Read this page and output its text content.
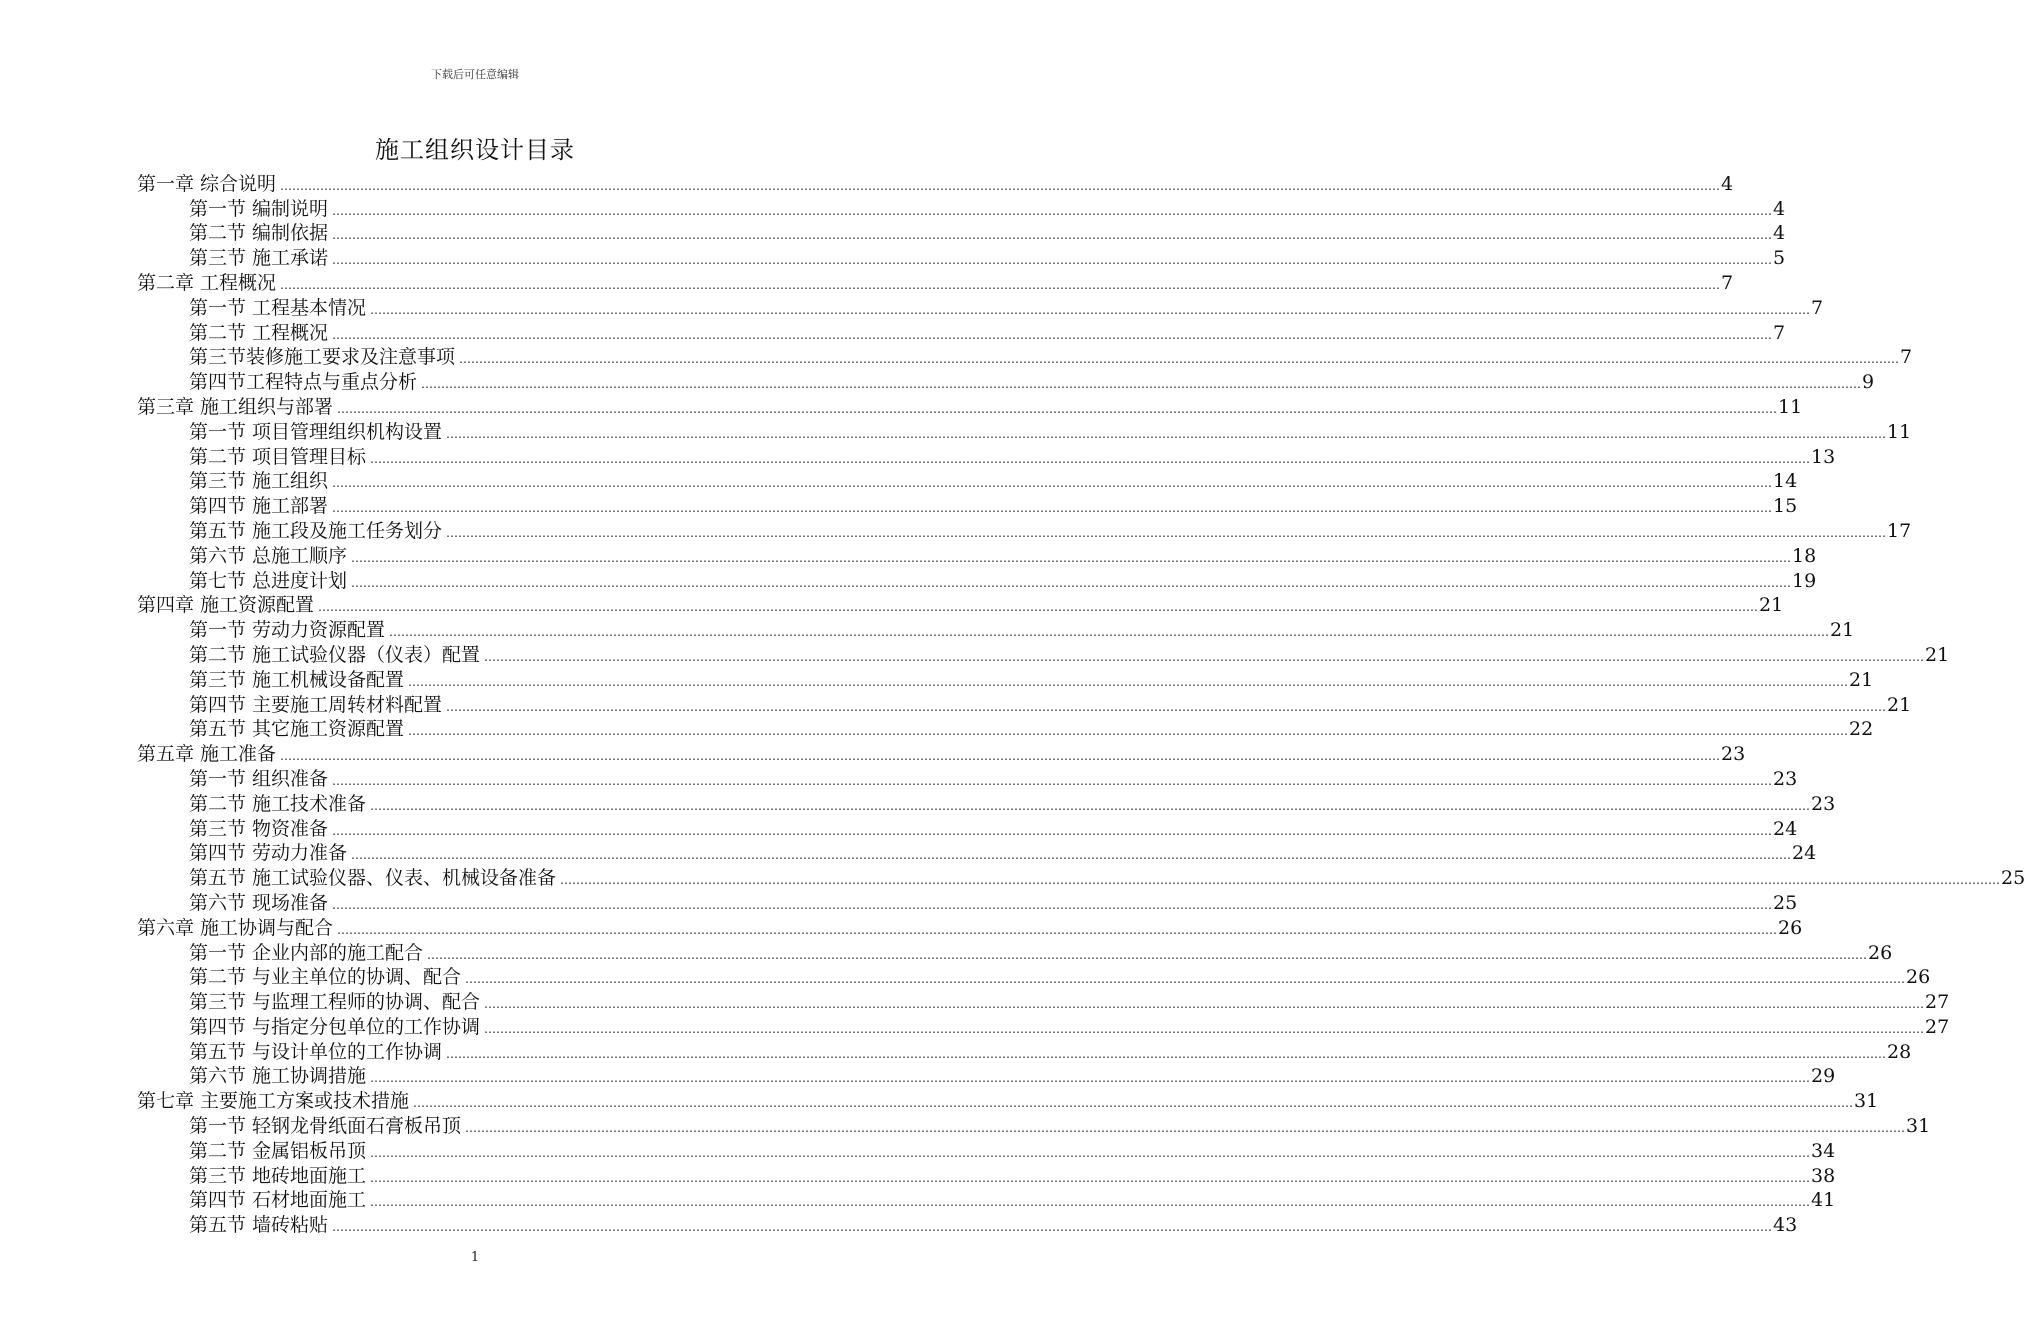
下载后可任意编辑
施工组织设计目录
第一章 综合说明 ……………………………………………………………………………………………………………………………………………………………………………………………………………………………………………………………………………………………………………………………… 4
第一节 编制说明 ……………………………………………………………………………………………………………………………………………………………………………………………………………………………………………………………………………………………………………………………… 4
第二节 编制依据 ……………………………………………………………………………………………………………………………………………………………………………………………………………………………………………………………………………………………………………………………… 4
第三节 施工承诺 ……………………………………………………………………………………………………………………………………………………………………………………………………………………………………………………………………………………………………………………………… 5
第二章 工程概况 ……………………………………………………………………………………………………………………………………………………………………………………………………………………………………………………………………………………………………………………………… 7
第一节 工程基本情况 ……………………………………………………………………………………………………………………………………………………………………………………………………………………………………………………………………………………………………………………………… 7
第二节 工程概况 ……………………………………………………………………………………………………………………………………………………………………………………………………………………………………………………………………………………………………………………………… 7
第三节装修施工要求及注意事项 ……………………………………………………………………………………………………………………………………………………………………………………………………………………………………………………………………………………………………………………………… 7
第四节工程特点与重点分析 ……………………………………………………………………………………………………………………………………………………………………………………………………………………………………………………………………………………………………………………………… 9
第三章 施工组织与部署 ……………………………………………………………………………………………………………………………………………………………………………………………………………………………………………………………………………………………………………………………… 11
第一节 项目管理组织机构设置 ……………………………………………………………………………………………………………………………………………………………………………………………………………………………………………………………………………………………………………………………… 11
第二节 项目管理目标 ……………………………………………………………………………………………………………………………………………………………………………………………………………………………………………………………………………………………………………………………… 13
第三节 施工组织 ……………………………………………………………………………………………………………………………………………………………………………………………………………………………………………………………………………………………………………………………… 14
第四节 施工部署 ……………………………………………………………………………………………………………………………………………………………………………………………………………………………………………………………………………………………………………………………… 15
第五节 施工段及施工任务划分 ……………………………………………………………………………………………………………………………………………………………………………………………………………………………………………………………………………………………………………………………… 17
第六节 总施工顺序 ……………………………………………………………………………………………………………………………………………………………………………………………………………………………………………………………………………………………………………………………… 18
第七节 总进度计划 ……………………………………………………………………………………………………………………………………………………………………………………………………………………………………………………………………………………………………………………………… 19
第四章 施工资源配置 ……………………………………………………………………………………………………………………………………………………………………………………………………………………………………………………………………………………………………………………………… 21
第一节 劳动力资源配置 ……………………………………………………………………………………………………………………………………………………………………………………………………………………………………………………………………………………………………………………………… 21
第二节 施工试验仪器（仪表）配置 ……………………………………………………………………………………………………………………………………………………………………………………………………………………………………………………………………………………………………………………………… 21
第三节 施工机械设备配置 ……………………………………………………………………………………………………………………………………………………………………………………………………………………………………………………………………………………………………………………………… 21
第四节 主要施工周转材料配置 ……………………………………………………………………………………………………………………………………………………………………………………………………………………………………………………………………………………………………………………………… 21
第五节 其它施工资源配置 ……………………………………………………………………………………………………………………………………………………………………………………………………………………………………………………………………………………………………………………………… 22
第五章 施工准备 ……………………………………………………………………………………………………………………………………………………………………………………………………………………………………………………………………………………………………………………………… 23
第一节 组织准备 ……………………………………………………………………………………………………………………………………………………………………………………………………………………………………………………………………………………………………………………………… 23
第二节 施工技术准备 ……………………………………………………………………………………………………………………………………………………………………………………………………………………………………………………………………………………………………………………………… 23
第三节 物资准备 ……………………………………………………………………………………………………………………………………………………………………………………………………………………………………………………………………………………………………………………………… 24
第四节 劳动力准备 ……………………………………………………………………………………………………………………………………………………………………………………………………………………………………………………………………………………………………………………………… 24
第五节 施工试验仪器、仪表、机械设备准备 ……………………………………………………………………………………………………………………………………………………………………………………………………………………………………………………………………………………………………………………………… 25
第六节 现场准备 ……………………………………………………………………………………………………………………………………………………………………………………………………………………………………………………………………………………………………………………………… 25
第六章 施工协调与配合 ……………………………………………………………………………………………………………………………………………………………………………………………………………………………………………………………………………………………………………………………… 26
第一节 企业内部的施工配合 ……………………………………………………………………………………………………………………………………………………………………………………………………………………………………………………………………………………………………………………………… 26
第二节 与业主单位的协调、配合 ……………………………………………………………………………………………………………………………………………………………………………………………………………………………………………………………………………………………………………………………… 26
第三节 与监理工程师的协调、配合 ……………………………………………………………………………………………………………………………………………………………………………………………………………………………………………………………………………………………………………………………… 27
第四节 与指定分包单位的工作协调 ……………………………………………………………………………………………………………………………………………………………………………………………………………………………………………………………………………………………………………………………… 27
第五节 与设计单位的工作协调 ……………………………………………………………………………………………………………………………………………………………………………………………………………………………………………………………………………………………………………………………… 28
第六节 施工协调措施 ……………………………………………………………………………………………………………………………………………………………………………………………………………………………………………………………………………………………………………………………… 29
第七章 主要施工方案或技术措施 ……………………………………………………………………………………………………………………………………………………………………………………………………………………………………………………………………………………………………………………………… 31
第一节 轻钢龙骨纸面石膏板吊顶 ……………………………………………………………………………………………………………………………………………………………………………………………………………………………………………………………………………………………………………………………… 31
第二节 金属铝板吊顶 ……………………………………………………………………………………………………………………………………………………………………………………………………………………………………………………………………………………………………………………………… 34
第三节 地砖地面施工 ……………………………………………………………………………………………………………………………………………………………………………………………………………………………………………………………………………………………………………………………… 38
第四节 石材地面施工 ……………………………………………………………………………………………………………………………………………………………………………………………………………………………………………………………………………………………………………………………… 41
第五节 墙砖粘贴 ……………………………………………………………………………………………………………………………………………………………………………………………………………………………………………………………………………………………………………………………… 43
1
